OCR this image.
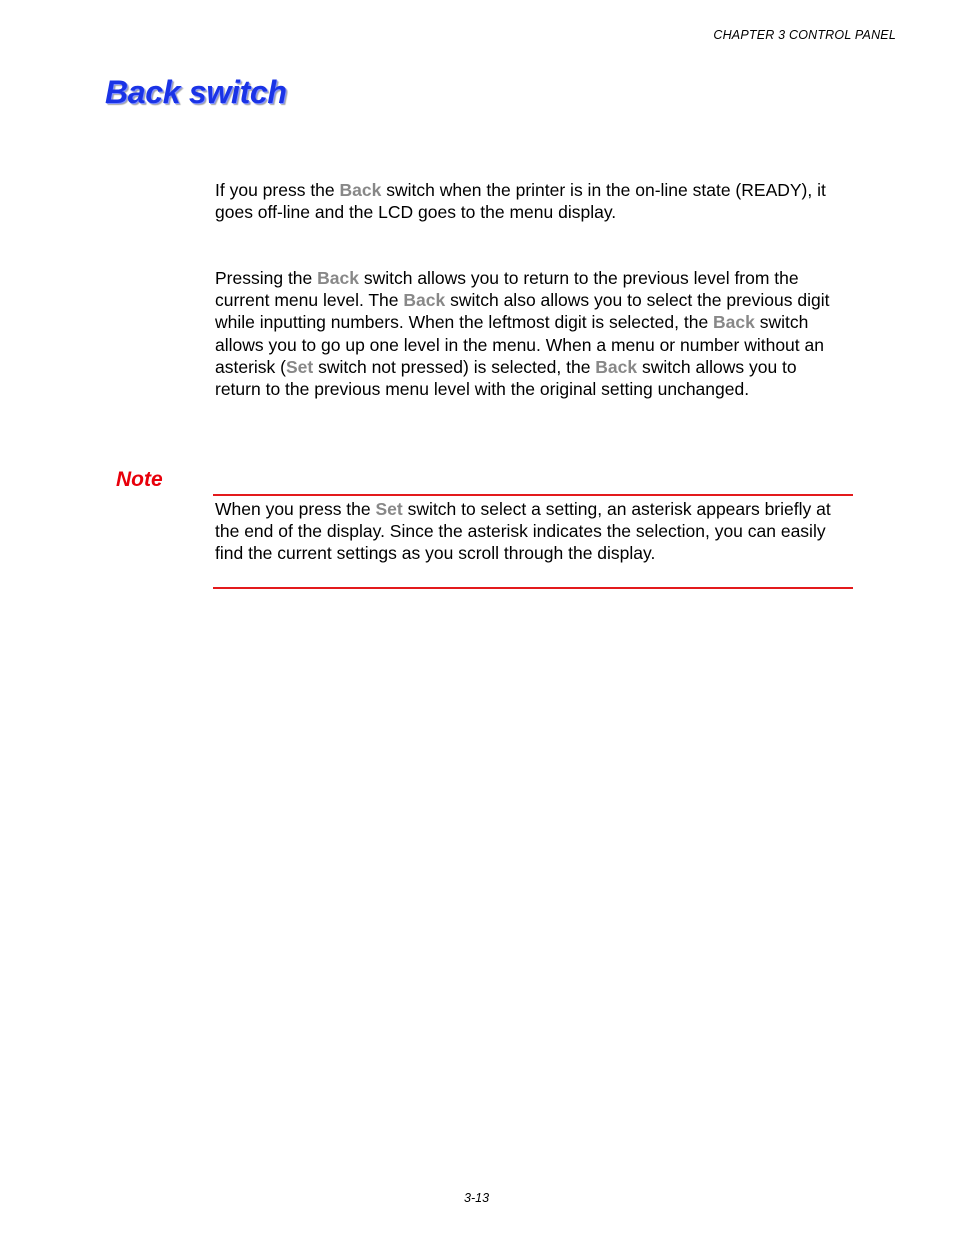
CHAPTER 3 CONTROL PANEL
Back switch

If you press the Back switch when the printer is in the on-line state (READY), it goes off-line and the LCD goes to the menu display.

Pressing the Back switch allows you to return to the previous level from the current menu level. The Back switch also allows you to select the previous digit while inputting numbers. When the leftmost digit is selected, the Back switch allows you to go up one level in the menu. When a menu or number without an asterisk (Set switch not pressed) is selected, the Back switch allows you to return to the previous menu level with the original setting unchanged.

Note

When you press the Set switch to select a setting, an asterisk appears briefly at the end of the display. Since the asterisk indicates the selection, you can easily find the current settings as you scroll through the display.

3-13
